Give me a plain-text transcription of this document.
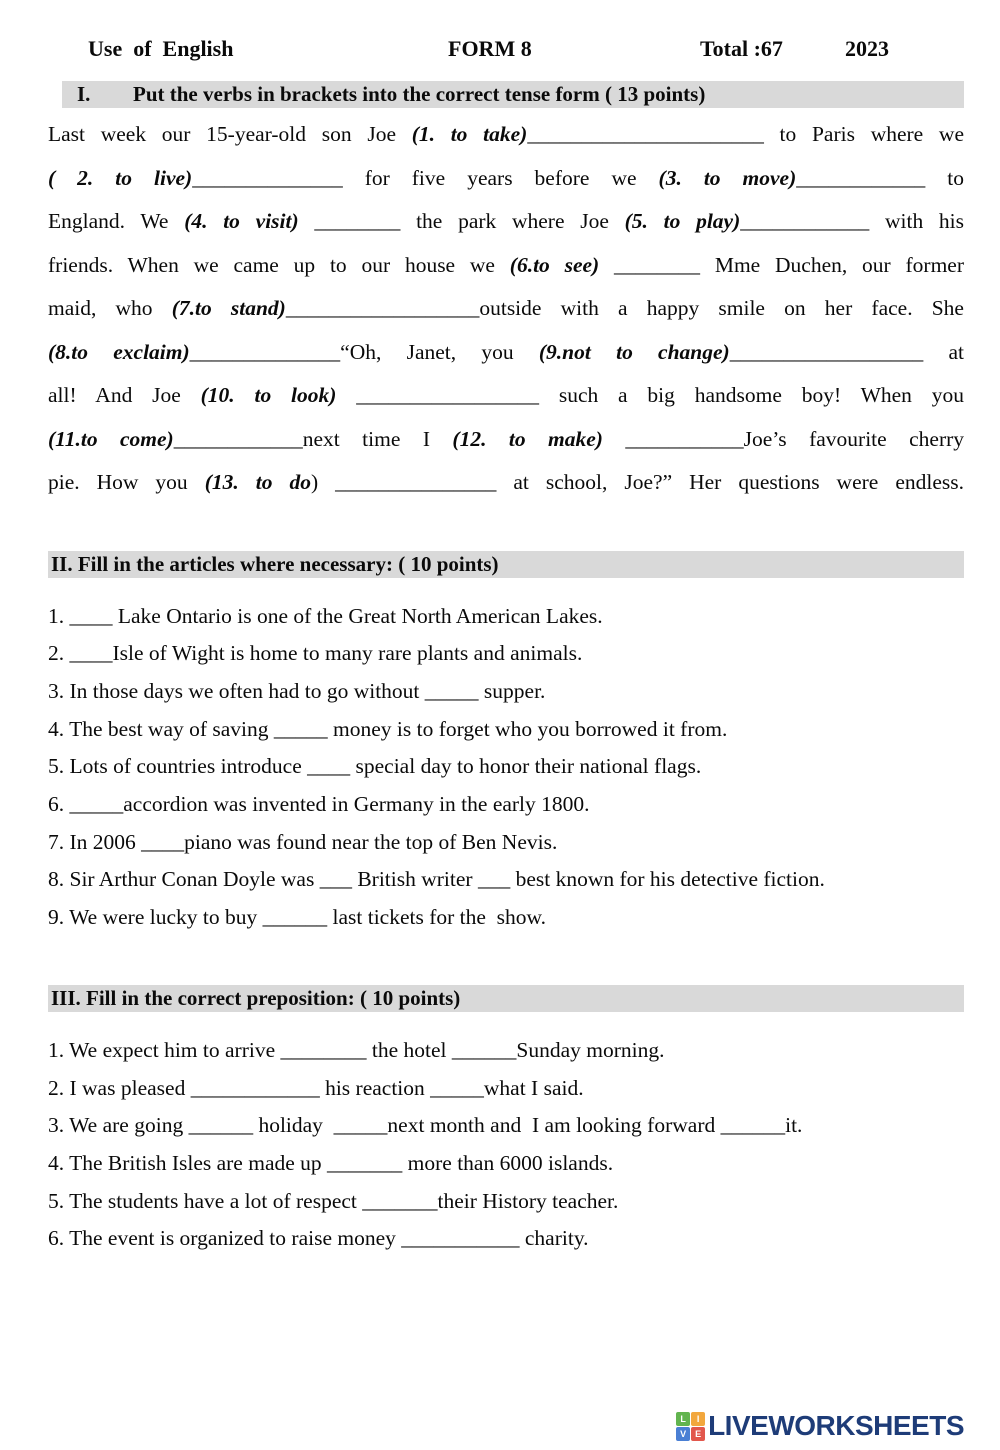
Use  of  English

	FORM 8

	Total :67

	2023

I.	Put the verbs in brackets into the correct tense form ( 13 points)
Last week our 15-year-old son Joe (1. to take)______________________ to Paris where we
( 2. to live)______________ for five years before we (3. to move)____________ to
England. We (4. to visit) ________ the park where Joe (5. to play)____________ with his
friends. When we came up to our house we (6.to see) ________ Mme Duchen, our former
maid, who (7.to stand)__________________outside with a happy smile on her face. She
(8.to exclaim)______________“Oh, Janet, you (9.not to change)__________________ at
all! And Joe (10. to look) _________________ such a big handsome boy! When you
(11.to come)____________next time I (12. to make) ___________Joe’s favourite cherry
pie. How you (13. to do) _______________ at school, Joe?” Her questions were endless.
II. Fill in the articles where necessary: ( 10 points)
1. ____ Lake Ontario is one of the Great North American Lakes.
2. ____Isle of Wight is home to many rare plants and animals.
3. In those days we often had to go without _____ supper.
4. The best way of saving _____ money is to forget who you borrowed it from.
5. Lots of countries introduce ____ special day to honor their national flags.
6. _____accordion was invented in Germany in the early 1800.
7. In 2006 ____piano was found near the top of Ben Nevis.
8. Sir Arthur Conan Doyle was ___ British writer ___ best known for his detective fiction.
9. We were lucky to buy ______ last tickets for the  show.
III. Fill in the correct preposition: ( 10 points)
1. We expect him to arrive ________ the hotel ______Sunday morning.
2. I was pleased ____________ his reaction _____what I said.
3. We are going ______ holiday  _____next month and  I am looking forward ______it.
4. The British Isles are made up _______ more than 6000 islands.
5. The students have a lot of respect _______their History teacher.
6. The event is organized to raise money ___________ charity.
L	I
V E LIVEWORKSHEETS
